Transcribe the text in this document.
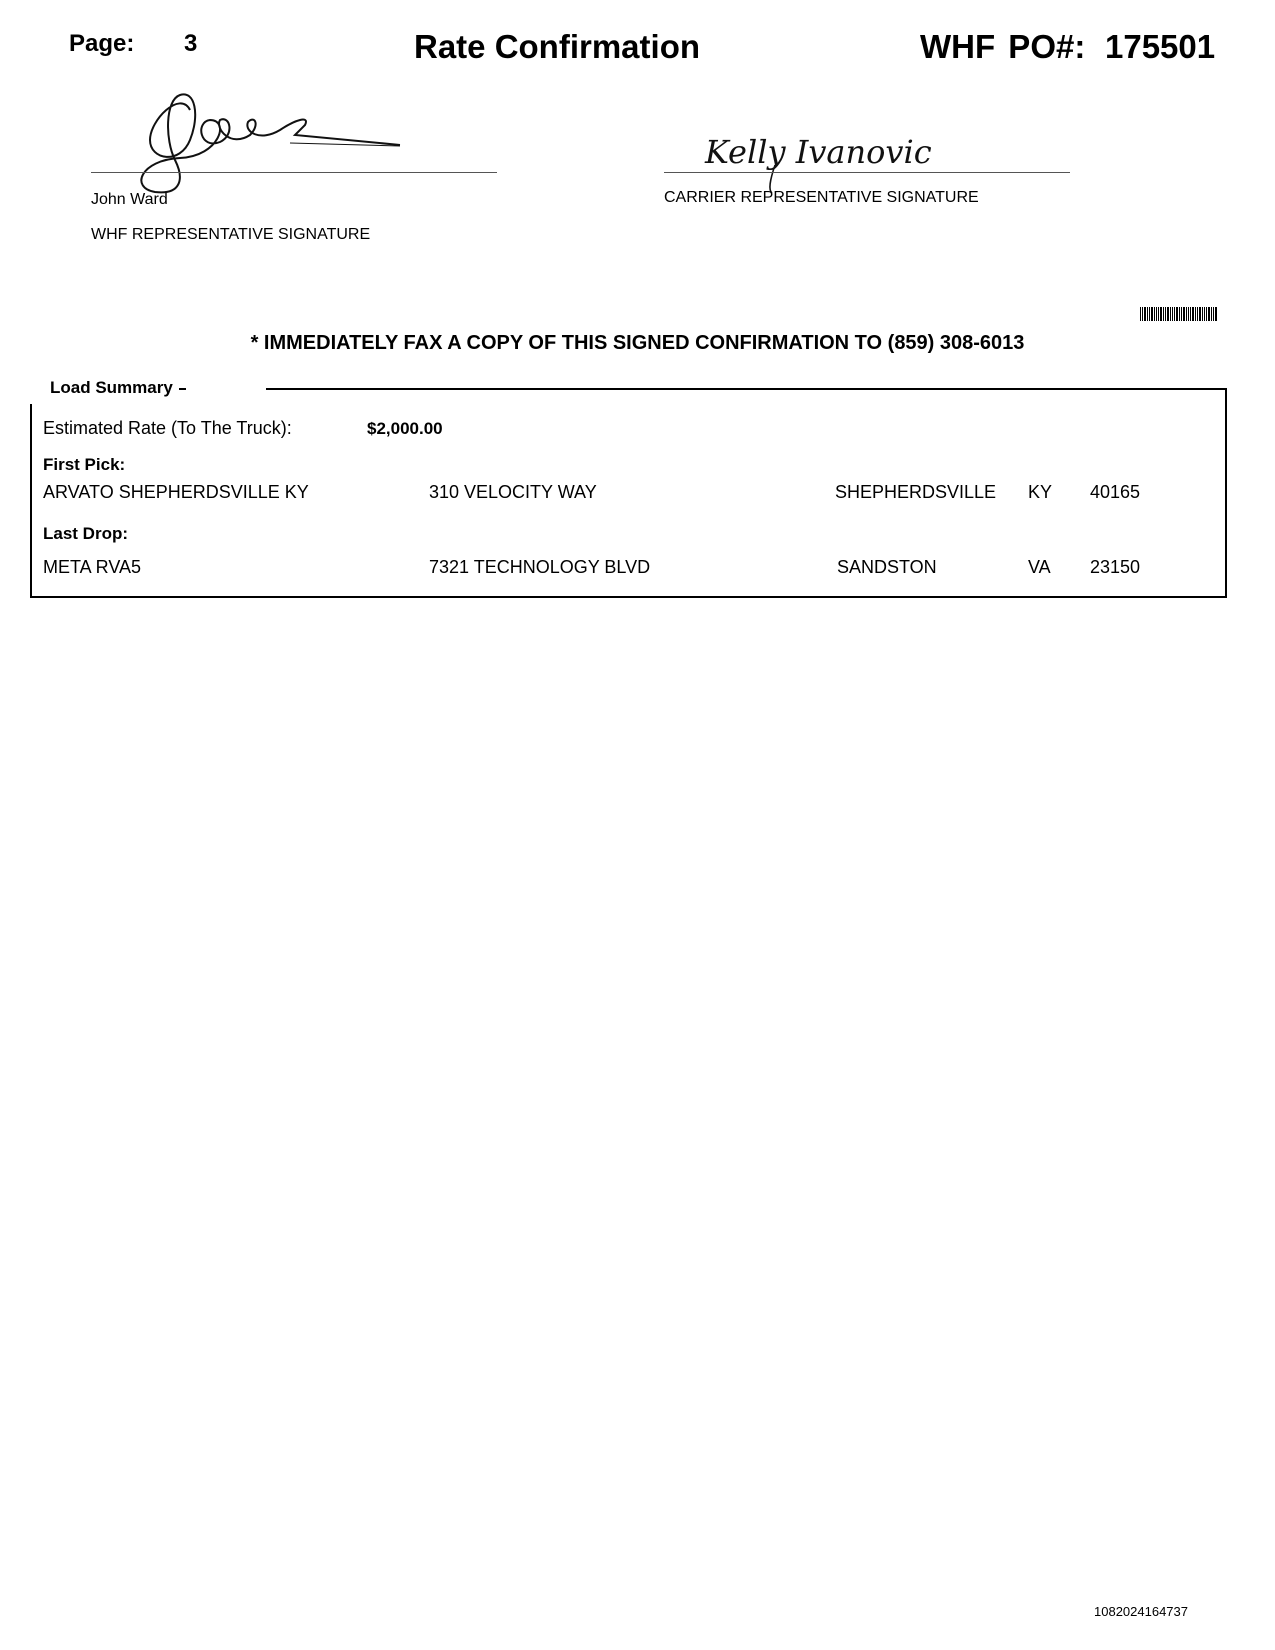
Page: 3	Rate Confirmation	WHF PO#: 175501
Kelly Ivanovic
John Ward
WHF REPRESENTATIVE SIGNATURE
CARRIER REPRESENTATIVE SIGNATURE
* IMMEDIATELY FAX A COPY OF THIS SIGNED CONFIRMATION TO (859) 308-6013
Load Summary
Estimated Rate (To The Truck):	$2,000.00
First Pick:
ARVATO SHEPHERDSVILLE KY	310 VELOCITY WAY	SHEPHERDSVILLE KY 40165
Last Drop:
META RVA5	7321 TECHNOLOGY BLVD	SANDSTON	VA 23150
1082024164737
